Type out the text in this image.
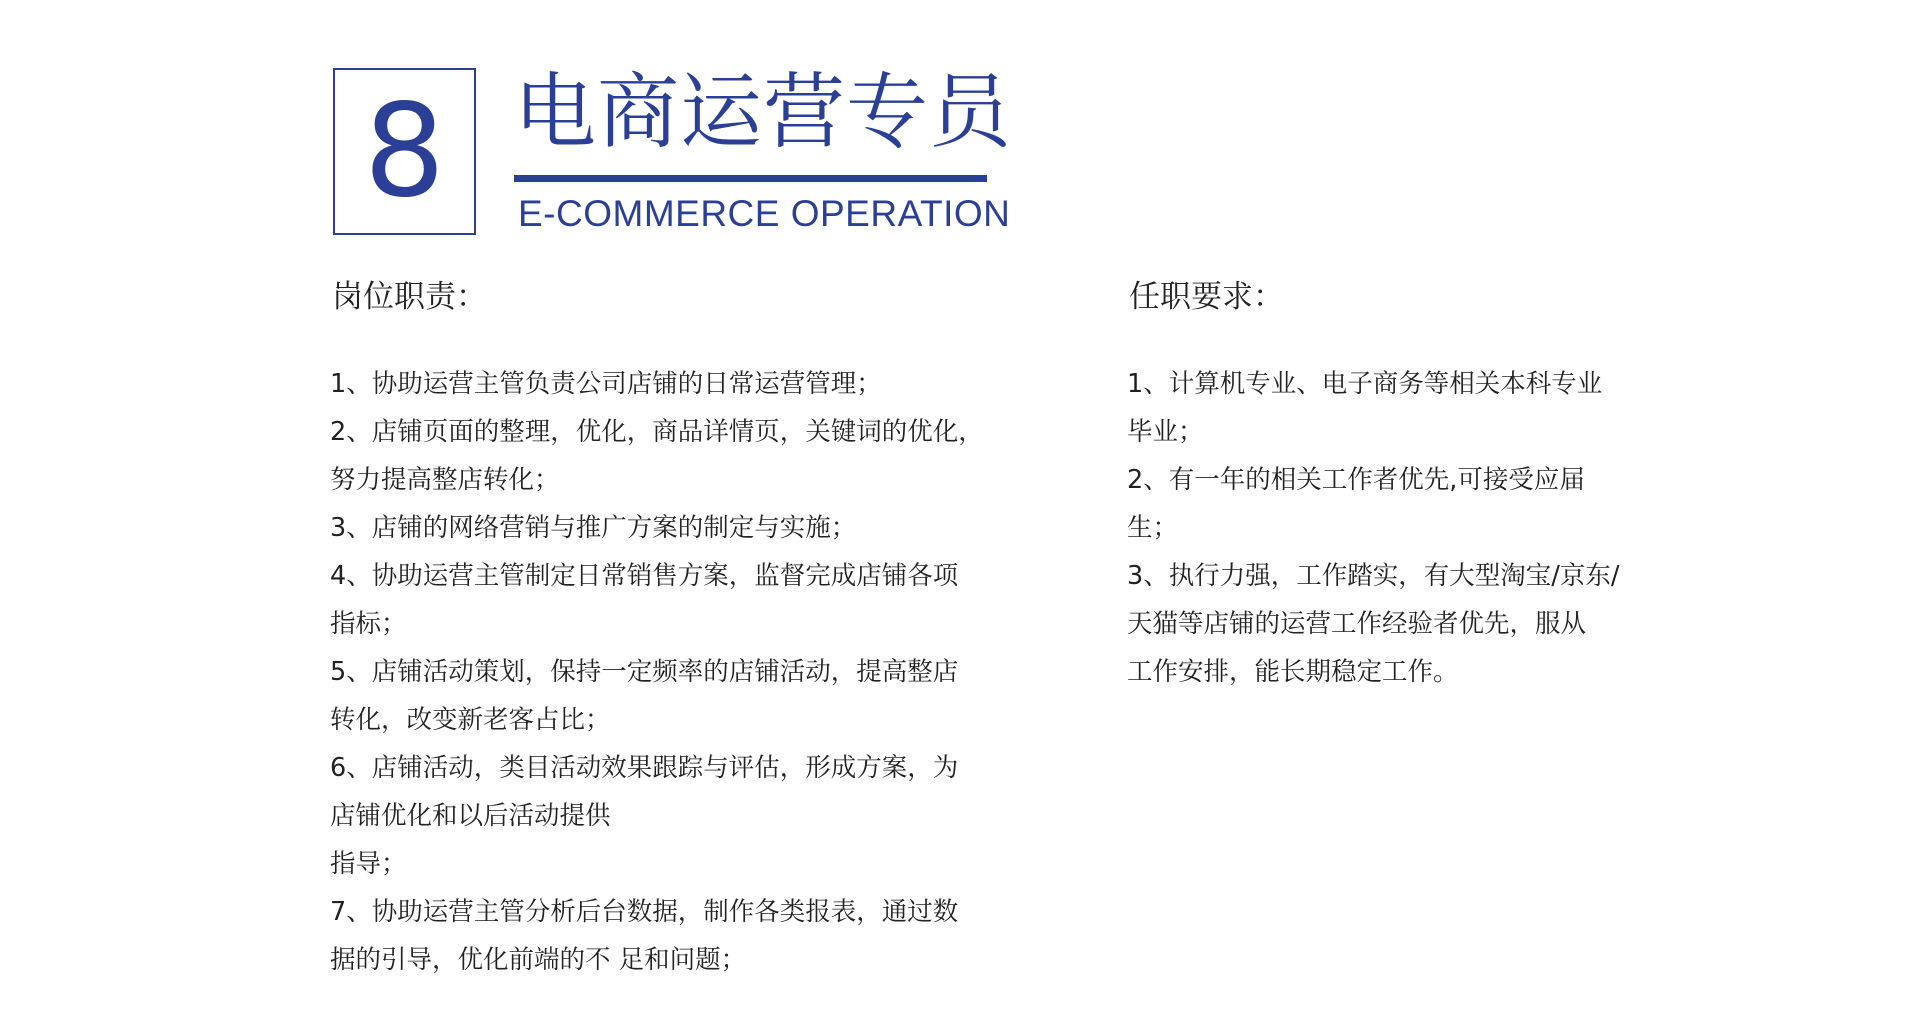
8 电商运营专员
E-COMMERCE OPERATION
岗位职责：
1、协助运营主管负责公司店铺的日常运营管理；
2、店铺页面的整理，优化，商品详情页，关键词的优化，
努力提高整店转化；
3、店铺的网络营销与推广方案的制定与实施；
4、协助运营主管制定日常销售方案，监督完成店铺各项
指标；
5、店铺活动策划，保持一定频率的店铺活动，提高整店
转化，改变新老客占比；
6、店铺活动，类目活动效果跟踪与评估，形成方案，为
店铺优化和以后活动提供
指导；
7、协助运营主管分析后台数据，制作各类报表，通过数
据的引导，优化前端的不 足和问题；
任职要求：
1、计算机专业、电子商务等相关本科专业
毕业；
2、有一年的相关工作者优先,可接受应届
生；
3、执行力强，工作踏实，有大型淘宝/京东/
天猫等店铺的运营工作经验者优先，服从
工作安排，能长期稳定工作。
